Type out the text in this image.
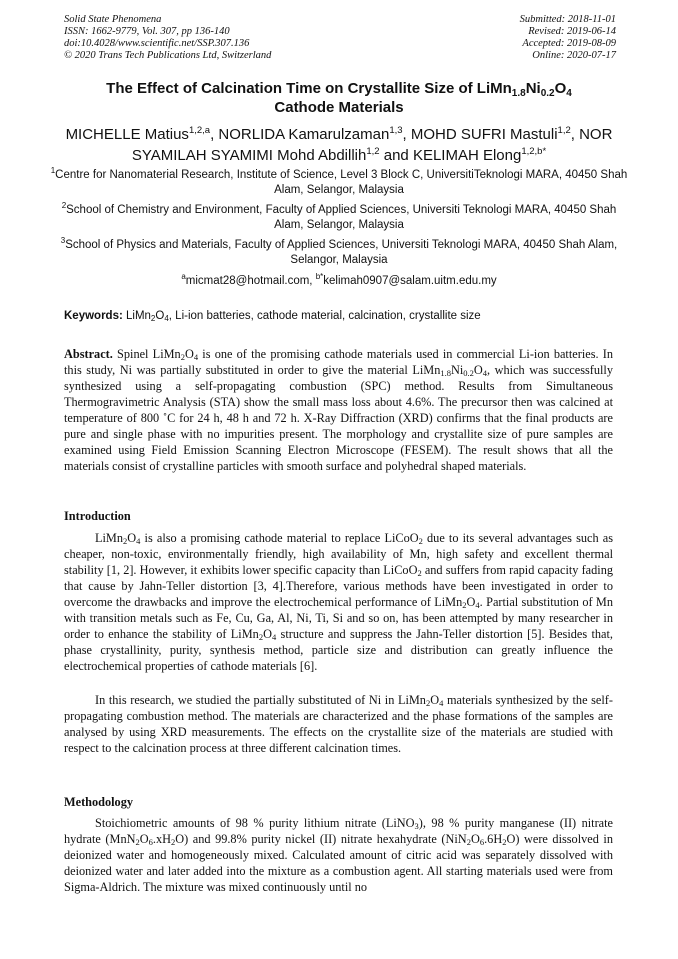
Solid State Phenomena
ISSN: 1662-9779, Vol. 307, pp 136-140
doi:10.4028/www.scientific.net/SSP.307.136
© 2020 Trans Tech Publications Ltd, Switzerland
Submitted: 2018-11-01
Revised: 2019-06-14
Accepted: 2019-08-09
Online: 2020-07-17
The Effect of Calcination Time on Crystallite Size of $LiMn_{1.8}Ni_{0.2}O_4$
Cathode Materials
MICHELLE Matius$^{1,2,a}$, NORLIDA Kamarulzaman$^{1,3}$, MOHD SUFRI Mastuli$^{1,2}$, NOR SYAMILAH SYAMIMI Mohd Abdillih$^{1,2}$ and KELIMAH Elong$^{1,2,b*}$
$^1$Centre for Nanomaterial Research, Institute of Science, Level 3 Block C, UniversitiTeknologi MARA, 40450 Shah Alam, Selangor, Malaysia
$^2$School of Chemistry and Environment, Faculty of Applied Sciences, Universiti Teknologi MARA, 40450 Shah Alam, Selangor, Malaysia
$^3$School of Physics and Materials, Faculty of Applied Sciences, Universiti Teknologi MARA, 40450 Shah Alam, Selangor, Malaysia
$^a$micmat28@hotmail.com, $^{b*}$kelimah0907@salam.uitm.edu.my
Keywords: $LiMn_2O_4$, Li-ion batteries, cathode material, calcination, crystallite size
Abstract. Spinel $LiMn_2O_4$ is one of the promising cathode materials used in commercial Li-ion batteries. In this study, Ni was partially substituted in order to give the material $LiMn_{1.8}Ni_{0.2}O_4$, which was successfully synthesized using a self-propagating combustion (SPC) method. Results from Simultaneous Thermogravimetric Analysis (STA) show the small mass loss about 4.6%. The precursor then was calcined at temperature of 800 ˚C for 24 h, 48 h and 72 h. X-Ray Diffraction (XRD) confirms that the final products are pure and single phase with no impurities present. The morphology and crystallite size of pure samples are examined using Field Emission Scanning Electron Microscope (FESEM). The result shows that all the materials consist of crystalline particles with smooth surface and polyhedral shaped materials.
Introduction
$LiMn_2O_4$ is also a promising cathode material to replace LiCoO$_2$ due to its several advantages such as cheaper, non-toxic, environmentally friendly, high availability of Mn, high safety and excellent thermal stability [1, 2]. However, it exhibits lower specific capacity than LiCoO$_2$ and suffers from rapid capacity fading that cause by Jahn-Teller distortion [3, 4].Therefore, various methods have been investigated in order to overcome the drawbacks and improve the electrochemical performance of $LiMn_2O_4$. Partial substitution of Mn with transition metals such as Fe, Cu, Ga, Al, Ni, Ti, Si and so on, has been attempted by many researcher in order to enhance the stability of $LiMn_2O_4$ structure and suppress the Jahn-Teller distortion [5]. Besides that, phase crystallinity, purity, synthesis method, particle size and distribution can greatly influence the electrochemical properties of cathode materials [6].
In this research, we studied the partially substituted of Ni in $LiMn_2O_4$ materials synthesized by the self-propagating combustion method. The materials are characterized and the phase formations of the samples are analysed by using XRD measurements. The effects on the crystallite size of the materials are studied with respect to the calcination process at three different calcination times.
Methodology
Stoichiometric amounts of 98 % purity lithium nitrate (LiNO$_3$), 98 % purity manganese (II) nitrate hydrate $(MnN_2O_6.xH_2O)$ and 99.8% purity nickel (II) nitrate hexahydrate $(NiN_2O_6.6H_2O)$ were dissolved in deionized water and homogeneously mixed. Calculated amount of citric acid was separately dissolved with deionized water and later added into the mixture as a combustion agent. All starting materials used were from Sigma-Aldrich. The mixture was mixed continuously until no
